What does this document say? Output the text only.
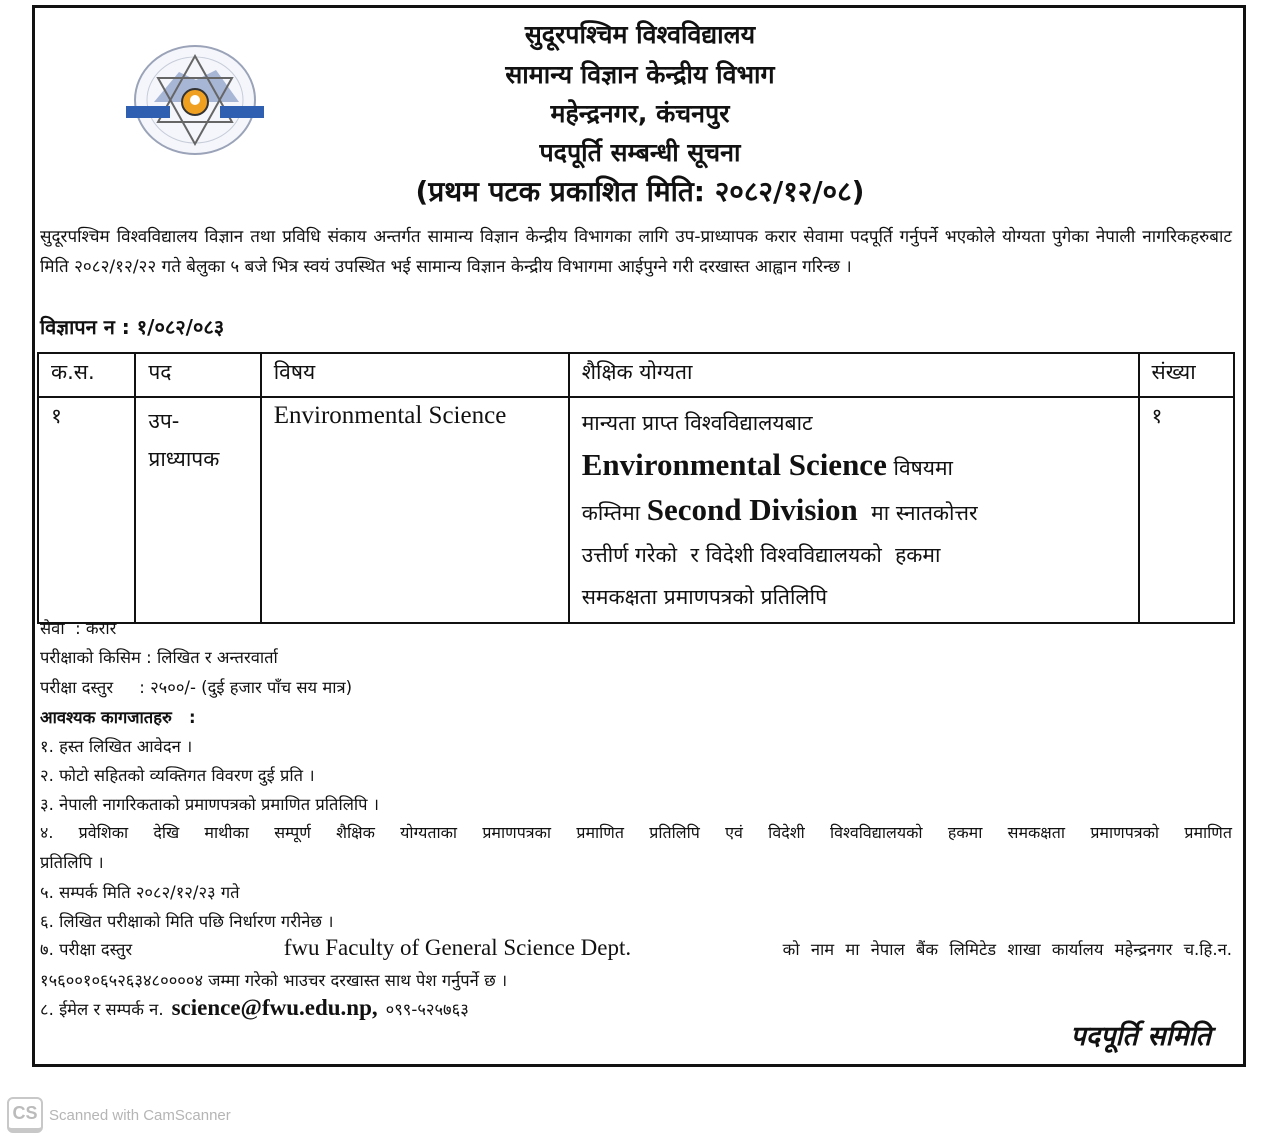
सुदूरपश्चिम विश्वविद्यालय
सामान्य विज्ञान केन्द्रीय विभाग
महेन्द्रनगर, कंचनपुर
पदपूर्ति सम्बन्धी सूचना
(प्रथम पटक प्रकाशित मिति: २०८२/१२/०८)
सुदूरपश्चिम विश्वविद्यालय विज्ञान तथा प्रविधि संकाय अन्तर्गत सामान्य विज्ञान केन्द्रीय विभागका लागि उप-प्राध्यापक करार सेवामा पदपूर्ति गर्नुपर्ने भएकोले योग्यता पुगेका नेपाली नागरिकहरुबाट मिति २०८२/१२/२२ गते बेलुका ५ बजे भित्र स्वयं उपस्थित भई सामान्य विज्ञान केन्द्रीय विभागमा आईपुग्ने गरी दरखास्त आह्वान गरिन्छ ।
विज्ञापन न : १/०८२/०८३
क.स.	पद	विषय	शैक्षिक योग्यता	संख्या
१	उप-प्राध्यापक	Environmental Science	मान्यता प्राप्त विश्वविद्यालयबाट
Environmental Science विषयमा
कम्तिमा Second Division मा स्नातकोत्तर
उत्तीर्ण गरेको  र विदेशी विश्वविद्यालयको  हकमा
समकक्षता प्रमाणपत्रको प्रतिलिपि	१
सेवा  : करार
परीक्षाको किसिम : लिखित र अन्तरवार्ता
परीक्षा दस्तुर     : २५००/- (दुई हजार पाँच सय मात्र)
आवश्यक कागजातहरु   :
१. हस्त लिखित आवेदन ।
२. फोटो सहितको व्यक्तिगत विवरण दुई प्रति ।
३. नेपाली नागरिकताको प्रमाणपत्रको प्रमाणित प्रतिलिपि ।
४. प्रवेशिका देखि माथीका सम्पूर्ण शैक्षिक योग्यताका प्रमाणपत्रका प्रमाणित प्रतिलिपि एवं विदेशी विश्वविद्यालयको हकमा समकक्षता प्रमाणपत्रको प्रमाणित
प्रतिलिपि ।
५. सम्पर्क मिति २०८२/१२/२३ गते
६. लिखित परीक्षाको मिति पछि निर्धारण गरीनेछ ।
७. परीक्षा दस्तुर	fwu Faculty of General Science Dept.	को नाम मा नेपाल बैंक लिमिटेड शाखा कार्यालय महेन्द्रनगर च.हि.न.
१५६००१०६५२६३४८००००४ जम्मा गरेको भाउचर दरखास्त साथ पेश गर्नुपर्ने छ ।
८. ईमेल र सम्पर्क न. science@fwu.edu.np, ०९९-५२५७६३
पदपूर्ति समिति
CS Scanned with CamScanner
